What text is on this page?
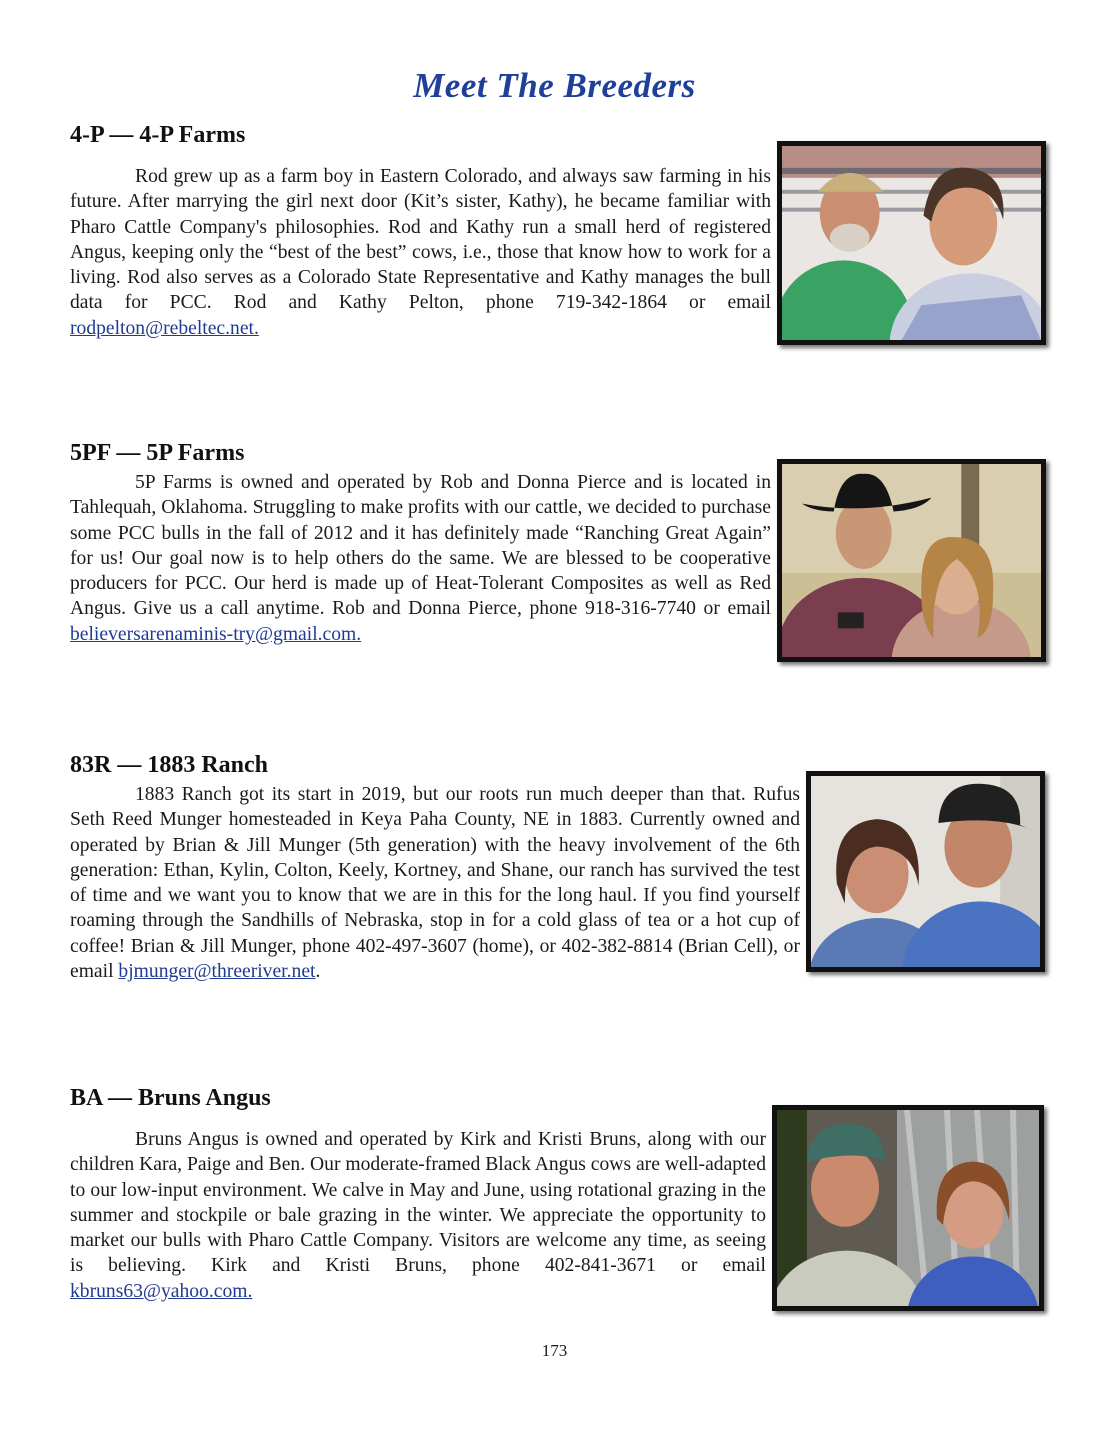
Meet The Breeders
4-P — 4-P Farms
Rod grew up as a farm boy in Eastern Colorado, and always saw farming in his future. After marrying the girl next door (Kit’s sister, Kathy), he became familiar with Pharo Cattle Company's philosophies. Rod and Kathy run a small herd of registered Angus, keeping only the “best of the best” cows, i.e., those that know how to work for a living. Rod also serves as a Colorado State Representative and Kathy manages the bull data for PCC. Rod and Kathy Pelton, phone 719-342-1864 or email rodpelton@rebeltec.net.
5PF — 5P Farms
5P Farms is owned and operated by Rob and Donna Pierce and is located in Tahlequah, Oklahoma. Struggling to make profits with our cattle, we decided to purchase some PCC bulls in the fall of 2012 and it has definitely made “Ranching Great Again” for us! Our goal now is to help others do the same. We are blessed to be cooperative producers for PCC. Our herd is made up of Heat-Tolerant Composites as well as Red Angus. Give us a call anytime. Rob and Donna Pierce, phone 918-316-7740 or email believersarenaminis-try@gmail.com.
83R — 1883 Ranch
1883 Ranch got its start in 2019, but our roots run much deeper than that. Rufus Seth Reed Munger homesteaded in Keya Paha County, NE in 1883. Currently owned and operated by Brian & Jill Munger (5th generation) with the heavy involvement of the 6th generation: Ethan, Kylin, Colton, Keely, Kortney, and Shane, our ranch has survived the test of time and we want you to know that we are in this for the long haul. If you find yourself roaming through the Sandhills of Nebraska, stop in for a cold glass of tea or a hot cup of coffee! Brian & Jill Munger, phone 402-497-3607 (home), or 402-382-8814 (Brian Cell), or email bjmunger@threeriver.net.
BA — Bruns Angus
Bruns Angus is owned and operated by Kirk and Kristi Bruns, along with our children Kara, Paige and Ben. Our moderate-framed Black Angus cows are well-adapted to our low-input environment. We calve in May and June, using rotational grazing in the summer and stockpile or bale grazing in the winter. We appreciate the opportunity to market our bulls with Pharo Cattle Company. Visitors are welcome any time, as seeing is believing. Kirk and Kristi Bruns, phone 402-841-3671 or email kbruns63@yahoo.com.
173
